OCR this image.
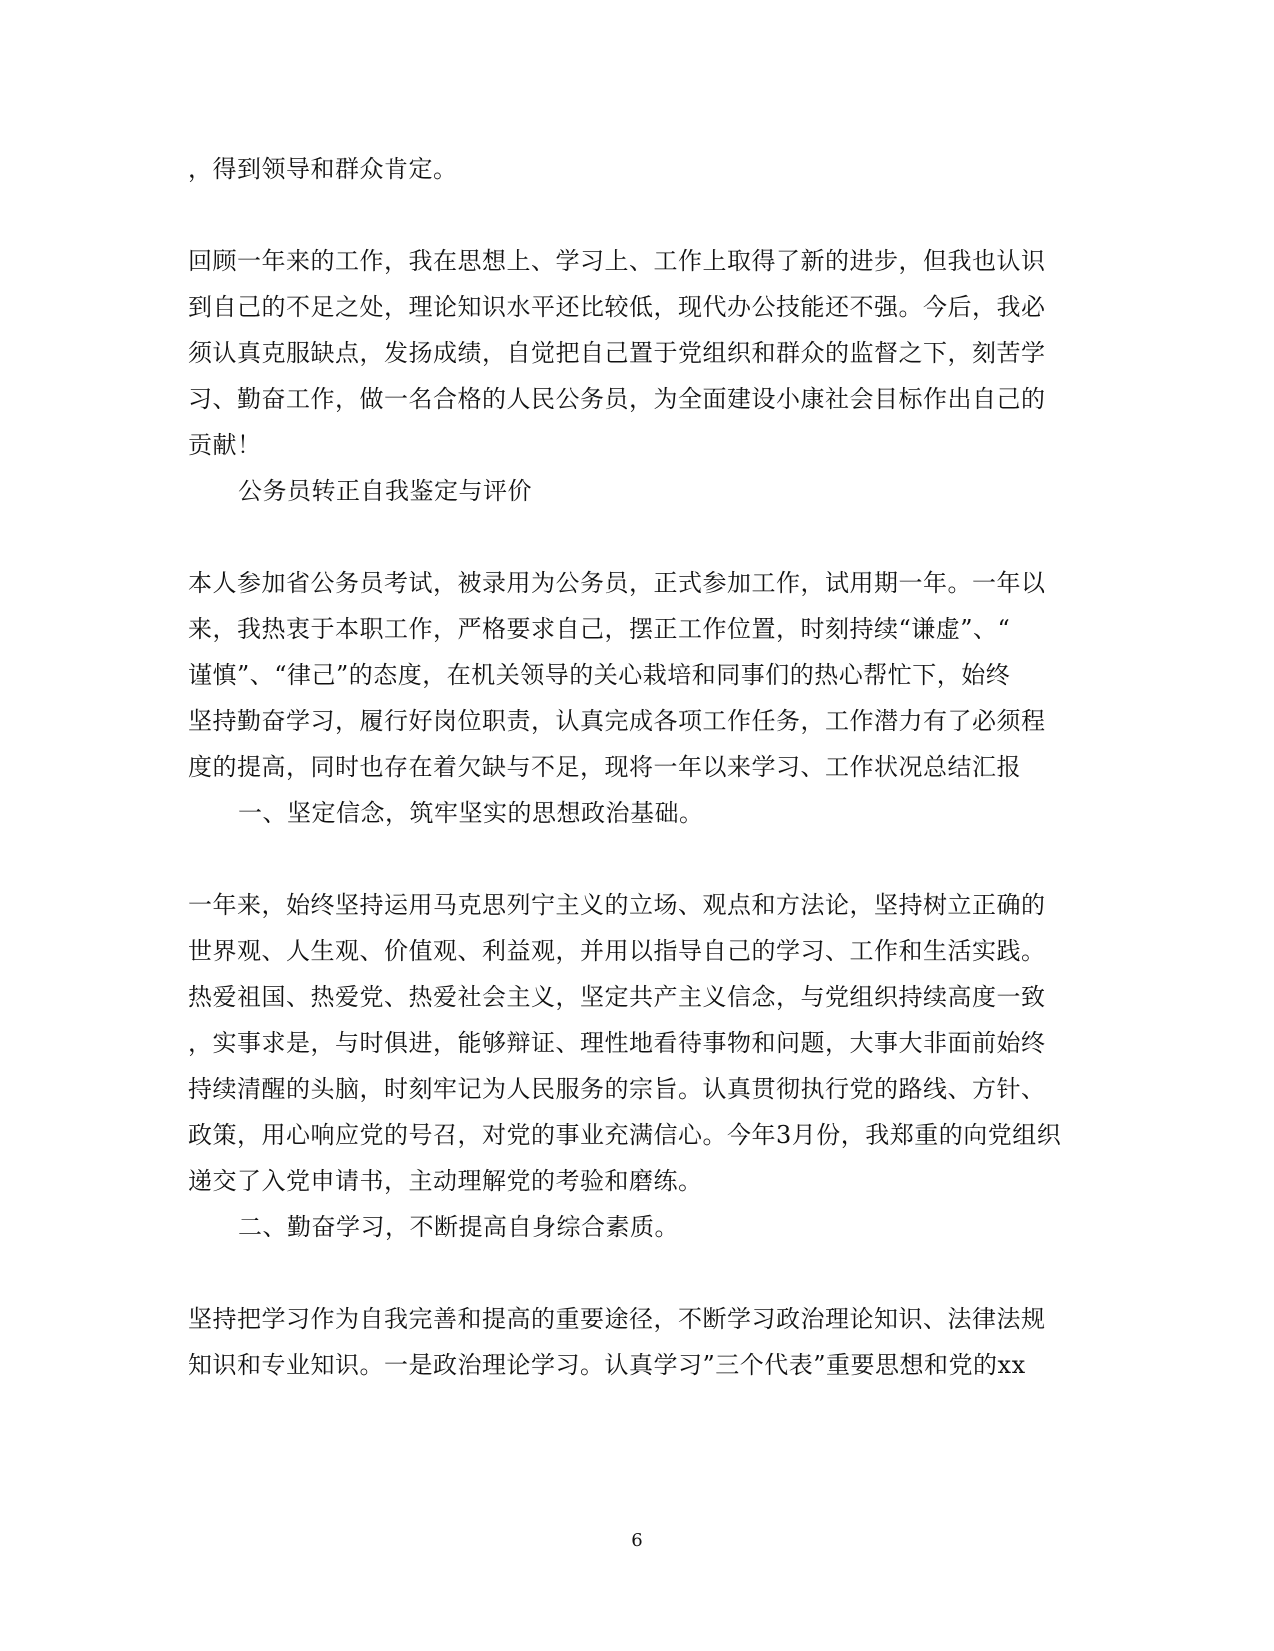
，得到领导和群众肯定。
回顾一年来的工作，我在思想上、学习上、工作上取得了新的进步，但我也认识
到自己的不足之处，理论知识水平还比较低，现代办公技能还不强。今后，我必
须认真克服缺点，发扬成绩，自觉把自己置于党组织和群众的监督之下，刻苦学
习、勤奋工作，做一名合格的人民公务员，为全面建设小康社会目标作出自己的
贡献！
公务员转正自我鉴定与评价
本人参加省公务员考试，被录用为公务员，正式参加工作，试用期一年。一年以
来，我热衷于本职工作，严格要求自己，摆正工作位置，时刻持续“谦虚”、“
谨慎”、“律己”的态度，在机关领导的关心栽培和同事们的热心帮忙下，始终
坚持勤奋学习，履行好岗位职责，认真完成各项工作任务，工作潜力有了必须程
度的提高，同时也存在着欠缺与不足，现将一年以来学习、工作状况总结汇报
一、坚定信念，筑牢坚实的思想政治基础。
一年来，始终坚持运用马克思列宁主义的立场、观点和方法论，坚持树立正确的
世界观、人生观、价值观、利益观，并用以指导自己的学习、工作和生活实践。
热爱祖国、热爱党、热爱社会主义，坚定共产主义信念，与党组织持续高度一致
，实事求是，与时俱进，能够辩证、理性地看待事物和问题，大事大非面前始终
持续清醒的头脑，时刻牢记为人民服务的宗旨。认真贯彻执行党的路线、方针、
政策，用心响应党的号召，对党的事业充满信心。今年3月份，我郑重的向党组织
递交了入党申请书，主动理解党的考验和磨练。
二、勤奋学习，不断提高自身综合素质。
坚持把学习作为自我完善和提高的重要途径，不断学习政治理论知识、法律法规
知识和专业知识。一是政治理论学习。认真学习”三个代表”重要思想和党的xx
6
